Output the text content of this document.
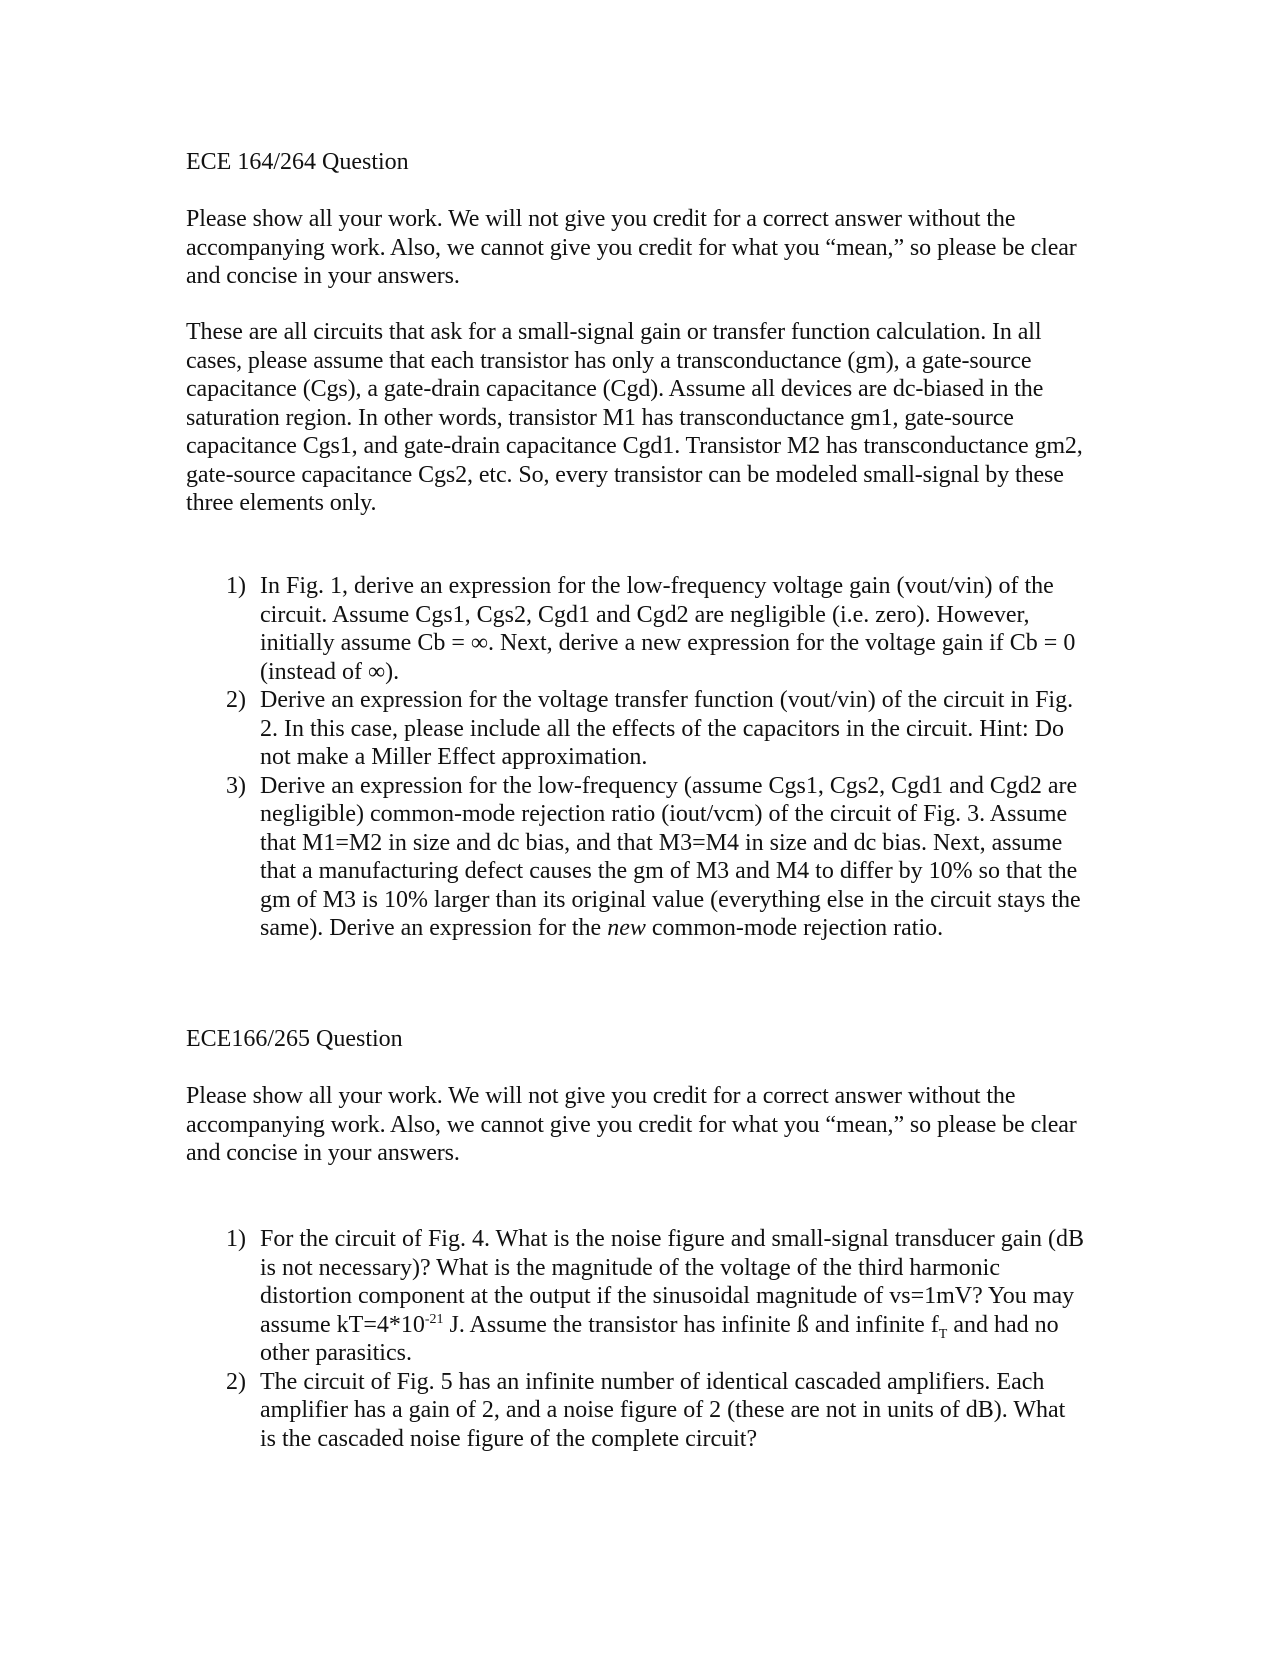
ECE 164/264 Question
Please show all your work. We will not give you credit for a correct answer without the accompanying work. Also, we cannot give you credit for what you “mean,” so please be clear and concise in your answers.
These are all circuits that ask for a small-signal gain or transfer function calculation. In all cases, please assume that each transistor has only a transconductance (gm), a gate-source capacitance (Cgs), a gate-drain capacitance (Cgd). Assume all devices are dc-biased in the saturation region. In other words, transistor M1 has transconductance gm1, gate-source capacitance Cgs1, and gate-drain capacitance Cgd1. Transistor M2 has transconductance gm2, gate-source capacitance Cgs2, etc. So, every transistor can be modeled small-signal by these three elements only.
1) In Fig. 1, derive an expression for the low-frequency voltage gain (vout/vin) of the circuit. Assume Cgs1, Cgs2, Cgd1 and Cgd2 are negligible (i.e. zero). However, initially assume Cb = ∞. Next, derive a new expression for the voltage gain if Cb = 0 (instead of ∞).
2) Derive an expression for the voltage transfer function (vout/vin) of the circuit in Fig. 2. In this case, please include all the effects of the capacitors in the circuit. Hint: Do not make a Miller Effect approximation.
3) Derive an expression for the low-frequency (assume Cgs1, Cgs2, Cgd1 and Cgd2 are negligible) common-mode rejection ratio (iout/vcm) of the circuit of Fig. 3. Assume that M1=M2 in size and dc bias, and that M3=M4 in size and dc bias. Next, assume that a manufacturing defect causes the gm of M3 and M4 to differ by 10% so that the gm of M3 is 10% larger than its original value (everything else in the circuit stays the same). Derive an expression for the new common-mode rejection ratio.
ECE166/265 Question
Please show all your work. We will not give you credit for a correct answer without the accompanying work. Also, we cannot give you credit for what you “mean,” so please be clear and concise in your answers.
1) For the circuit of Fig. 4. What is the noise figure and small-signal transducer gain (dB is not necessary)? What is the magnitude of the voltage of the third harmonic distortion component at the output if the sinusoidal magnitude of vs=1mV? You may assume $kT=4*10^{-21}$ J. Assume the transistor has infinite ß and infinite $f_T$ and had no other parasitics.
2) The circuit of Fig. 5 has an infinite number of identical cascaded amplifiers. Each amplifier has a gain of 2, and a noise figure of 2 (these are not in units of dB). What is the cascaded noise figure of the complete circuit?
